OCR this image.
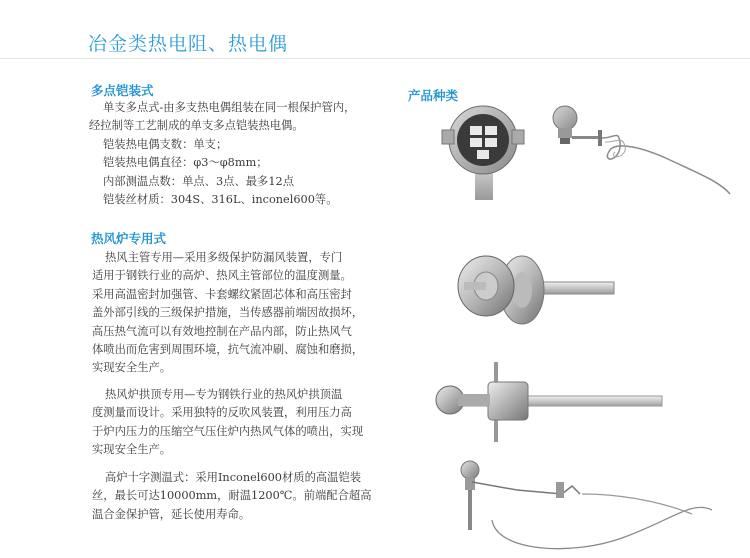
冶金类热电阻、热电偶
多点铠装式
单支多点式-由多支热电偶组装在同一根保护管内，
经拉制等工艺制成的单支多点铠装热电偶。
铠装热电偶支数：单支；
铠装热电偶直径：φ3～φ8mm；
内部测温点数：单点、3点、最多12点
铠装丝材质：304S、316L、inconel600等。
产品种类
热风炉专用式
热风主管专用—采用多级保护防漏风装置，专门
适用于钢铁行业的高炉、热风主管部位的温度测量。
采用高温密封加强管、卡套螺纹紧固芯体和高压密封
盖外部引线的三级保护措施，当传感器前端因故损坏，
高压热气流可以有效地控制在产品内部，防止热风气
体喷出而危害到周围环境，抗气流冲刷、腐蚀和磨损，
实现安全生产。
热风炉拱顶专用—专为钢铁行业的热风炉拱顶温
度测量而设计。采用独特的反吹风装置，利用压力高
于炉内压力的压缩空气压住炉内热风气体的喷出，实现
实现安全生产。
高炉十字测温式：采用Inconel600材质的高温铠装
丝，最长可达10000mm，耐温1200℃。前端配合超高
温合金保护管，延长使用寿命。
